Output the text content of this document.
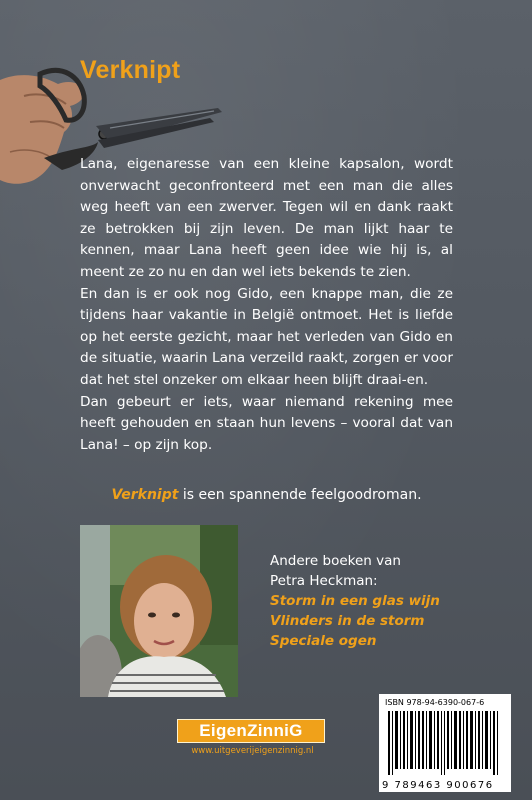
Verknipt

Lana, eigenaresse van een kleine kapsalon, wordt onverwacht geconfronteerd met een man die alles weg heeft van een zwerver. Tegen wil en dank raakt ze betrokken bij zijn leven. De man lijkt haar te kennen, maar Lana heeft geen idee wie hij is, al meent ze zo nu en dan wel iets bekends te zien.

En dan is er ook nog Gido, een knappe man, die ze tijdens haar vakantie in België ontmoet. Het is liefde op het eerste gezicht, maar het verleden van Gido en de situatie, waarin Lana verzeild raakt, zorgen er voor dat het stel onzeker om elkaar heen blijft draai-en.

Dan gebeurt er iets, waar niemand rekening mee heeft gehouden en staan hun levens – vooral dat van Lana! – op zijn kop.

Verknipt is een spannende feelgoodroman.
Andere boeken van
Petra Heckman:
Storm in een glas wijn
Vlinders in de storm
Speciale ogen
ISBN 978-94-6390-067-6
9 789463 900676
EigenZinniG
www.uitgeverijeigenzinnig.nl
